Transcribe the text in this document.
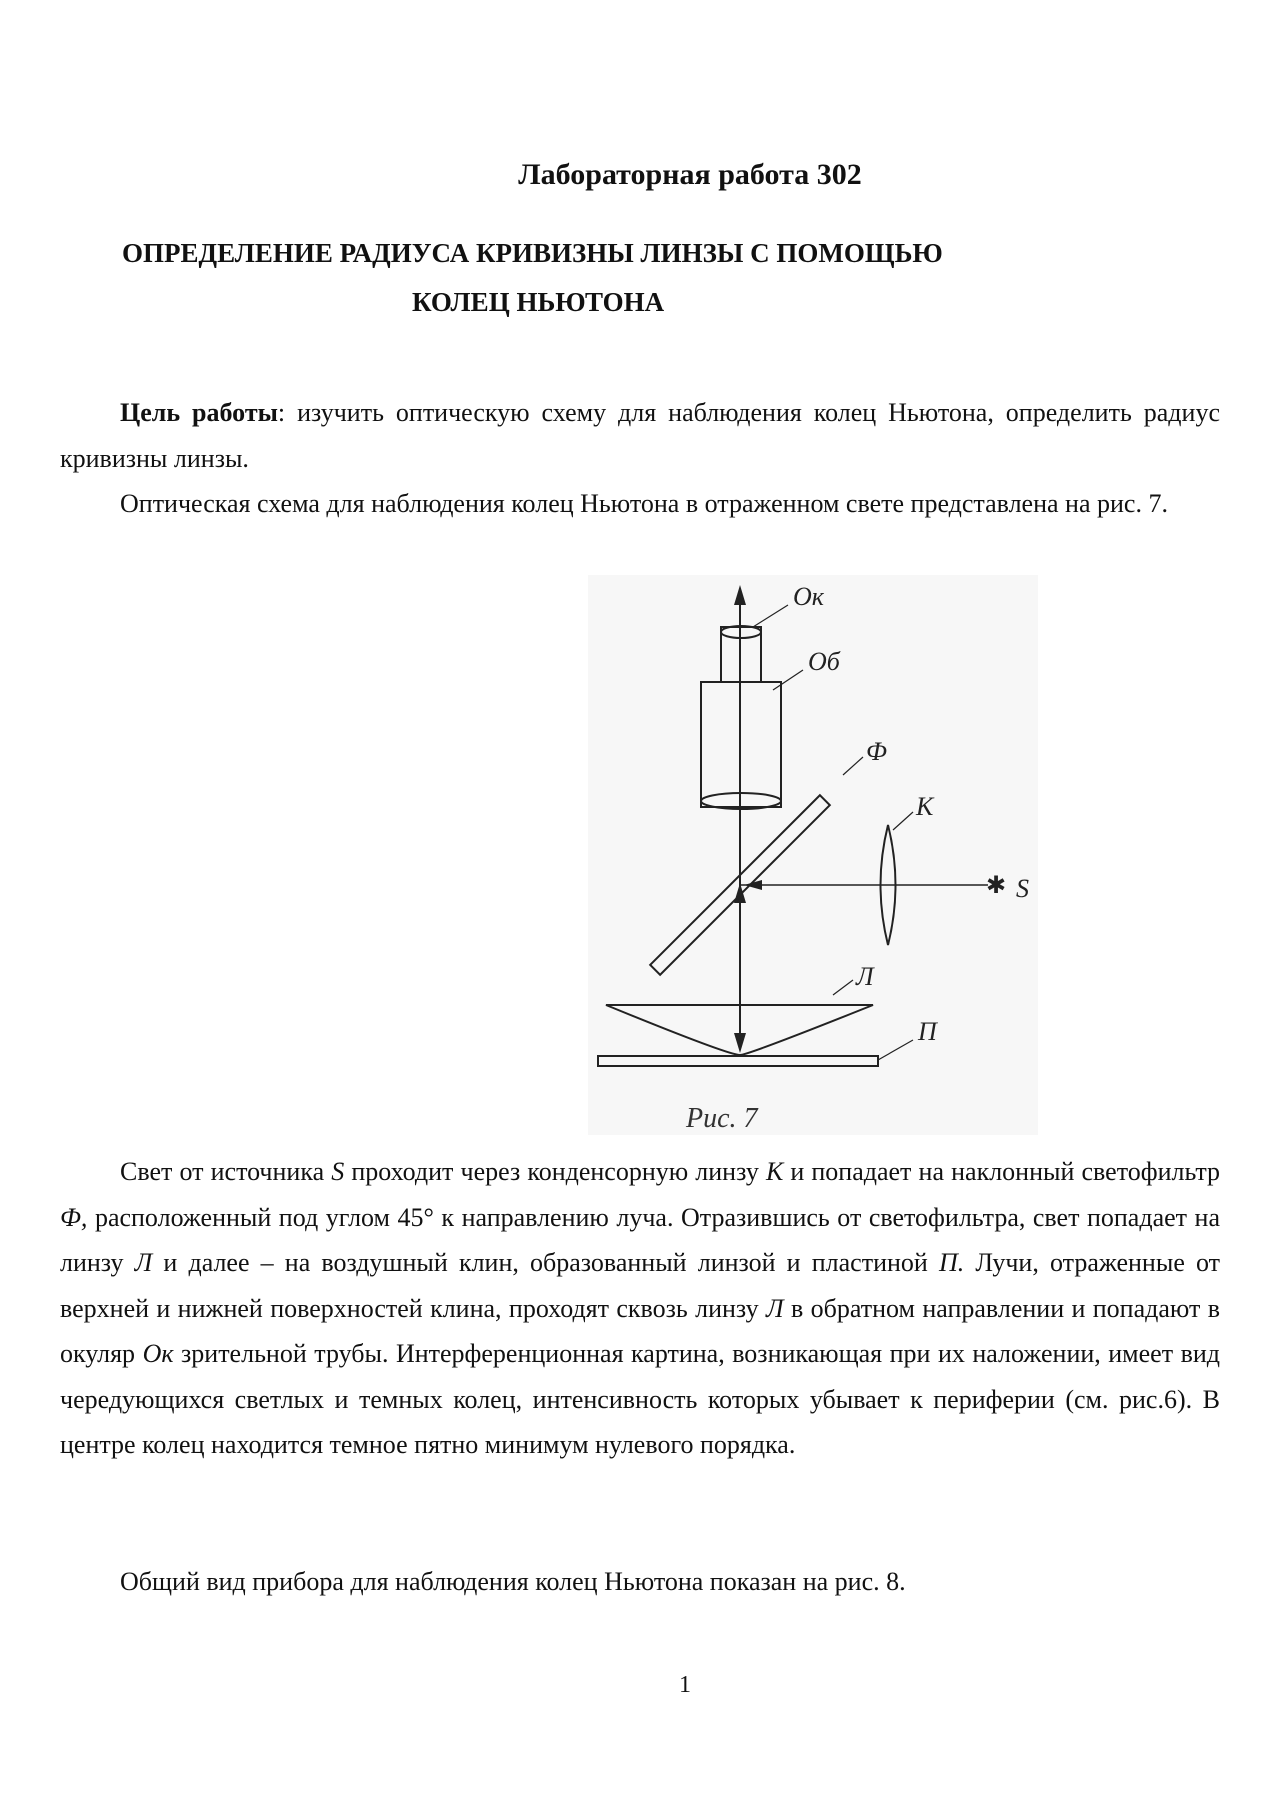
Лабораторная работа 302
ОПРЕДЕЛЕНИЕ РАДИУСА КРИВИЗНЫ ЛИНЗЫ С ПОМОЩЬЮ
КОЛЕЦ НЬЮТОНА
Цель работы: изучить оптическую схему для наблюдения колец Ньютона, определить радиус кривизны линзы.
Оптическая схема для наблюдения колец Ньютона в отраженном свете представлена на рис. 7.
✱
Ок
Об
Ф
К
S
Л
П
Рис. 7
Свет от источника S проходит через конденсорную линзу К и попадает на наклонный светофильтр Ф, расположенный под углом 45° к направлению луча. Отразившись от светофильтра, свет попадает на линзу Л и далее – на воздушный клин, образованный линзой и пластиной П. Лучи, отраженные от верхней и нижней поверхностей клина, проходят сквозь линзу Л в обратном направлении и попадают в окуляр Ок зрительной трубы. Интерференционная картина, возникающая при их наложении, имеет вид чередующихся светлых и темных колец, интенсивность которых убывает к периферии (см. рис.6). В центре колец находится темное пятно минимум нулевого порядка.
Общий вид прибора для наблюдения колец Ньютона показан на рис. 8.
1
